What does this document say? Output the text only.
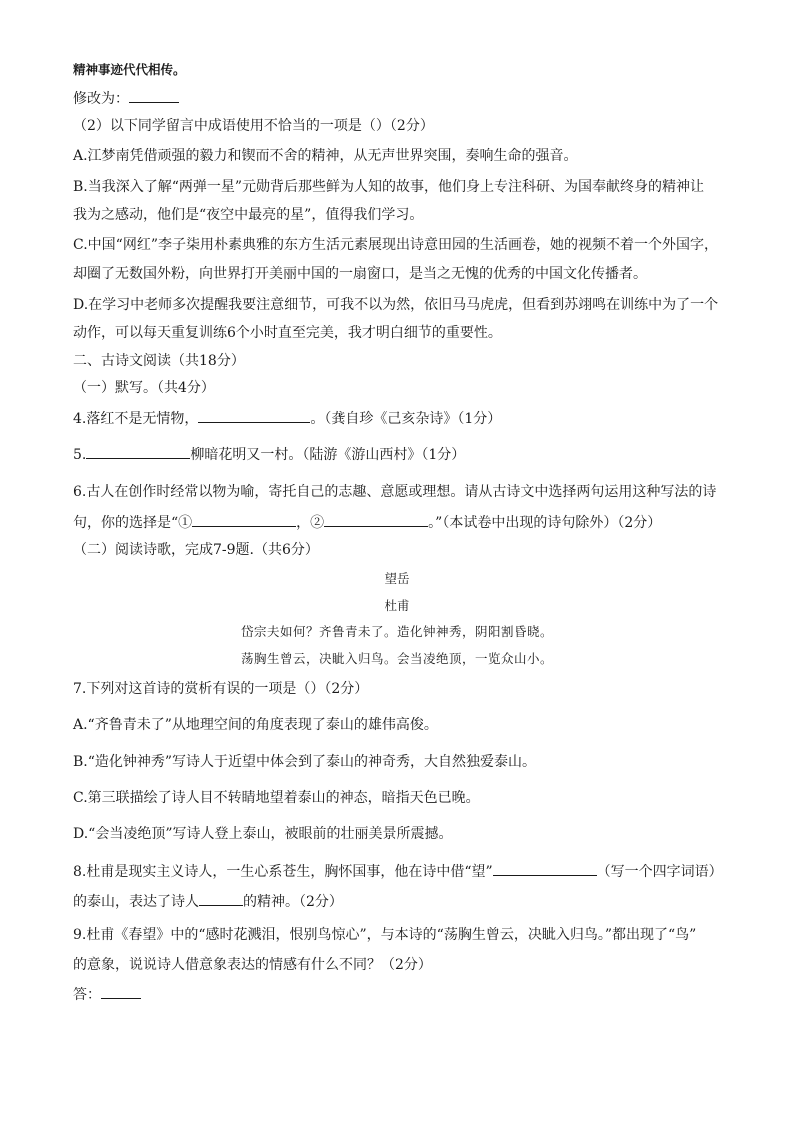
精神事迹代代相传。
修改为：
（2）以下同学留言中成语使用不恰当的一项是（）（2分）
A.江梦南凭借顽强的毅力和锲而不舍的精神，从无声世界突围，奏响生命的强音。
B.当我深入了解“两弹一星”元勋背后那些鲜为人知的故事，他们身上专注科研、为国奉献终身的精神让
我为之感动，他们是“夜空中最亮的星”，值得我们学习。
C.中国“网红”李子柒用朴素典雅的东方生活元素展现出诗意田园的生活画卷，她的视频不着一个外国字，
却圈了无数国外粉，向世界打开美丽中国的一扇窗口，是当之无愧的优秀的中国文化传播者。
D.在学习中老师多次提醒我要注意细节，可我不以为然，依旧马马虎虎，但看到苏翊鸣在训练中为了一个
动作，可以每天重复训练6个小时直至完美，我才明白细节的重要性。
二、古诗文阅读（共18分）
（一）默写。（共4分）
4.落红不是无情物，	。（龚自珍《己亥杂诗》（1分）
5.	柳暗花明又一村。（陆游《游山西村》（1分）
6.古人在创作时经常以物为喻，寄托自己的志趣、意愿或理想。请从古诗文中选择两句运用这种写法的诗
句，你的选择是“①	，②	。”（本试卷中出现的诗句除外）（2分）
（二）阅读诗歌，完成7-9题.（共6分）
望岳
杜甫
岱宗夫如何？齐鲁青未了。造化钟神秀，阴阳割昏晓。
荡胸生曾云，决眦入归鸟。会当凌绝顶，一览众山小。
7.下列对这首诗的赏析有误的一项是（）（2分）
A.“齐鲁青未了”从地理空间的角度表现了泰山的雄伟高俊。
B.“造化钟神秀”写诗人于近望中体会到了泰山的神奇秀，大自然独爱泰山。
C.第三联描绘了诗人目不转睛地望着泰山的神态，暗指天色已晚。
D.“会当凌绝顶”写诗人登上泰山，被眼前的壮丽美景所震撼。
8.杜甫是现实主义诗人，一生心系苍生，胸怀国事，他在诗中借“望”	（写一个四字词语）
的泰山，表达了诗人	的精神。（2分）
9.杜甫《春望》中的“感时花溅泪，恨别鸟惊心”，与本诗的“荡胸生曾云，决眦入归鸟。”都出现了“鸟”
的意象，说说诗人借意象表达的情感有什么不同？（2分）
答：
